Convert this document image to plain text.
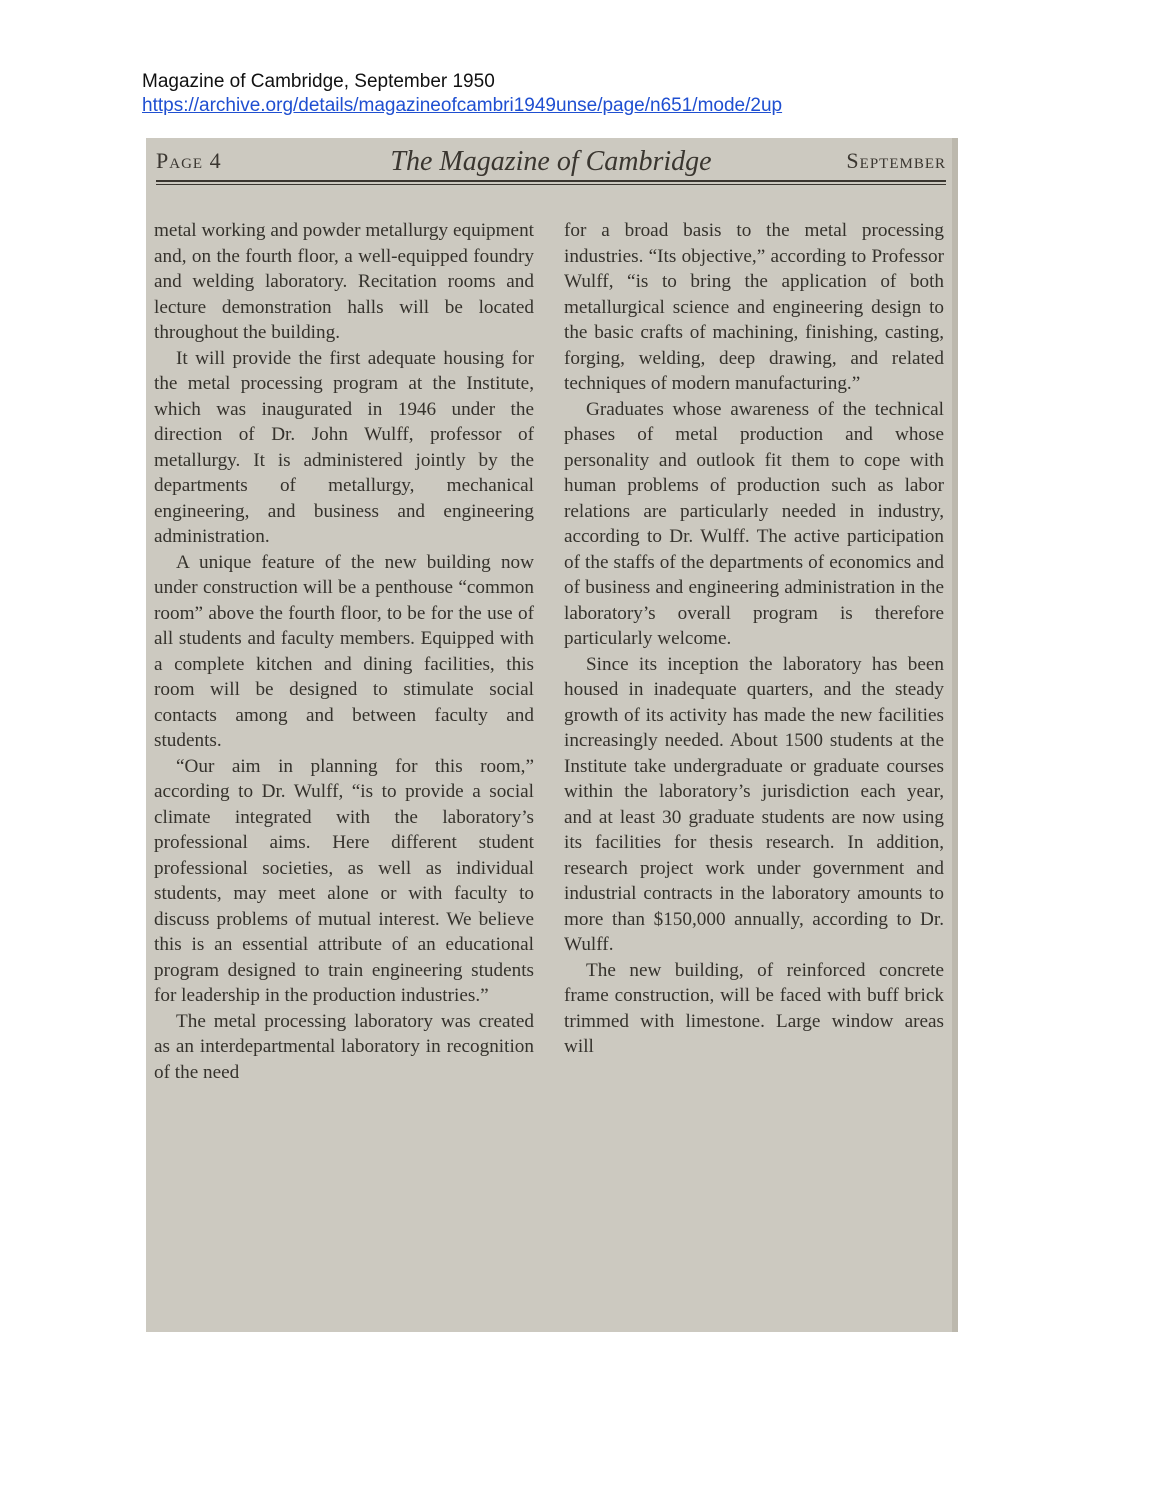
Magazine of Cambridge, September 1950
https://archive.org/details/magazineofcambri1949unse/page/n651/mode/2up
Page 4	The Magazine of Cambridge	September

metal working and powder metallurgy equipment and, on the fourth floor, a well-equipped foundry and welding laboratory. Recitation rooms and lecture demonstration halls will be located throughout the building.

It will provide the first adequate housing for the metal processing program at the Institute, which was inaugurated in 1946 under the direction of Dr. John Wulff, professor of metallurgy. It is administered jointly by the departments of metallurgy, mechanical engineering, and business and engineering administration.

A unique feature of the new building now under construction will be a penthouse “common room” above the fourth floor, to be for the use of all students and faculty members. Equipped with a complete kitchen and dining facilities, this room will be designed to stimulate social contacts among and between faculty and students.

“Our aim in planning for this room,” according to Dr. Wulff, “is to provide a social climate integrated with the laboratory’s professional aims. Here different student professional societies, as well as individual students, may meet alone or with faculty to discuss problems of mutual interest. We believe this is an essential attribute of an educational program designed to train engineering students for leadership in the production industries.”

The metal processing laboratory was created as an interdepartmental laboratory in recognition of the need

for a broad basis to the metal processing industries. “Its objective,” according to Professor Wulff, “is to bring the application of both metallurgical science and engineering design to the basic crafts of machining, finishing, casting, forging, welding, deep drawing, and related techniques of modern manufacturing.”

Graduates whose awareness of the technical phases of metal production and whose personality and outlook fit them to cope with human problems of production such as labor relations are particularly needed in industry, according to Dr. Wulff. The active participation of the staffs of the departments of economics and of business and engineering administration in the laboratory’s overall program is therefore particularly welcome.

Since its inception the laboratory has been housed in inadequate quarters, and the steady growth of its activity has made the new facilities increasingly needed. About 1500 students at the Institute take undergraduate or graduate courses within the laboratory’s jurisdiction each year, and at least 30 graduate students are now using its facilities for thesis research. In addition, research project work under government and industrial contracts in the laboratory amounts to more than $150,000 annually, according to Dr. Wulff.

The new building, of reinforced concrete frame construction, will be faced with buff brick trimmed with limestone. Large window areas will
